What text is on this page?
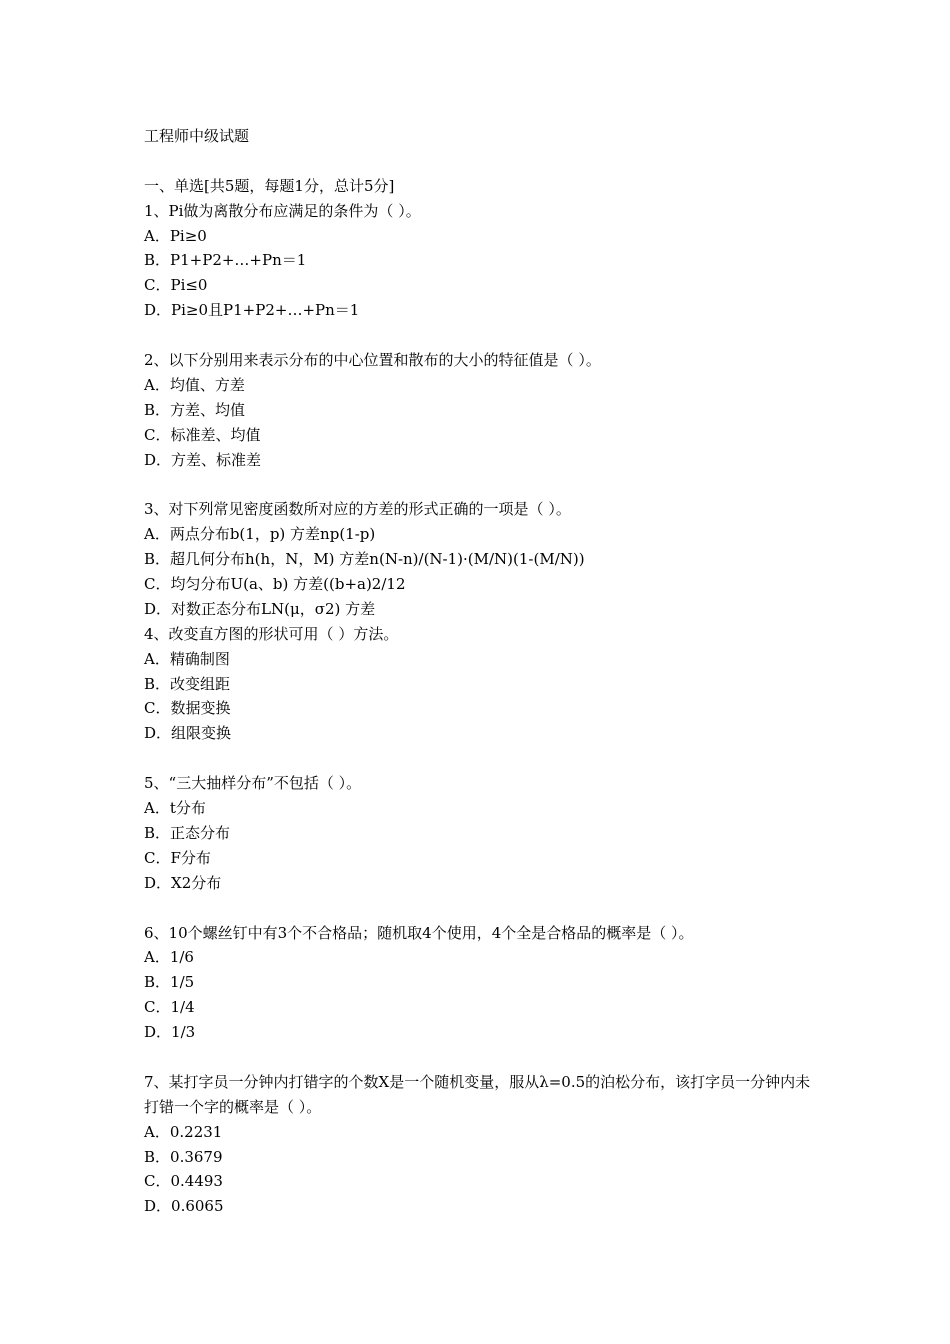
工程师中级试题
一、单选[共5题，每题1分，总计5分]
1、Pi做为离散分布应满足的条件为（ ）。
A．Pi≥0
B．P1+P2+…+Pn＝1
C．Pi≤0
D．Pi≥0且P1+P2+…+Pn＝1
2、以下分别用来表示分布的中心位置和散布的大小的特征值是（ ）。
A．均值、方差
B．方差、均值
C．标准差、均值
D．方差、标准差
3、对下列常见密度函数所对应的方差的形式正确的一项是（ ）。
A．两点分布b(1，p) 方差np(1-p)
B．超几何分布h(h，N，M) 方差n(N-n)/(N-1)·(M/N)(1-(M/N))
C．均匀分布U(a、b) 方差((b+a)2/12
D．对数正态分布LN(μ，σ2) 方差
4、改变直方图的形状可用（ ）方法。
A．精确制图
B．改变组距
C．数据变换
D．组限变换
5、“三大抽样分布”不包括（ ）。
A．t分布
B．正态分布
C．F分布
D．X2分布
6、10个螺丝钉中有3个不合格品；随机取4个使用，4个全是合格品的概率是（ ）。
A．1/6
B．1/5
C．1/4
D．1/3
7、某打字员一分钟内打错字的个数X是一个随机变量，服从λ=0.5的泊松分布，该打字员一分钟内未打错一个字的概率是（ ）。
A．0.2231
B．0.3679
C．0.4493
D．0.6065
